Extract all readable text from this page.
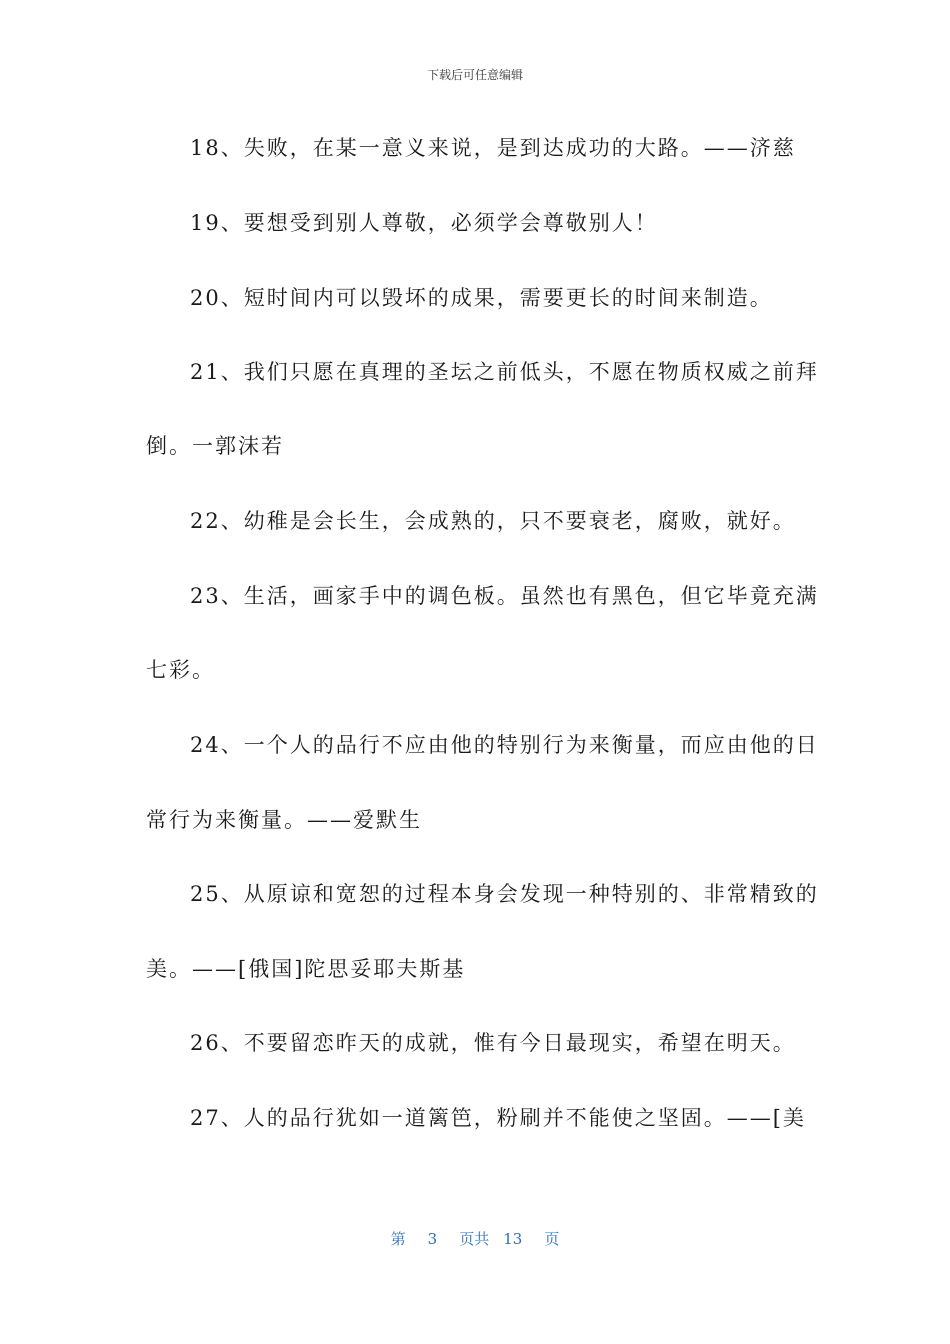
下载后可任意编辑
18、失败，在某一意义来说，是到达成功的大路。——济慈
19、要想受到别人尊敬，必须学会尊敬别人！
20、短时间内可以毁坏的成果，需要更长的时间来制造。
21、我们只愿在真理的圣坛之前低头，不愿在物质权威之前拜
倒。一郭沫若
22、幼稚是会长生，会成熟的，只不要衰老，腐败，就好。
23、生活，画家手中的调色板。虽然也有黑色，但它毕竟充满
七彩。
24、一个人的品行不应由他的特别行为来衡量，而应由他的日
常行为来衡量。——爱默生
25、从原谅和宽恕的过程本身会发现一种特别的、非常精致的
美。——[俄国]陀思妥耶夫斯基
26、不要留恋昨天的成就，惟有今日最现实，希望在明天。
27、人的品行犹如一道篱笆，粉刷并不能使之坚固。——[美
第 3 页共 13 页
